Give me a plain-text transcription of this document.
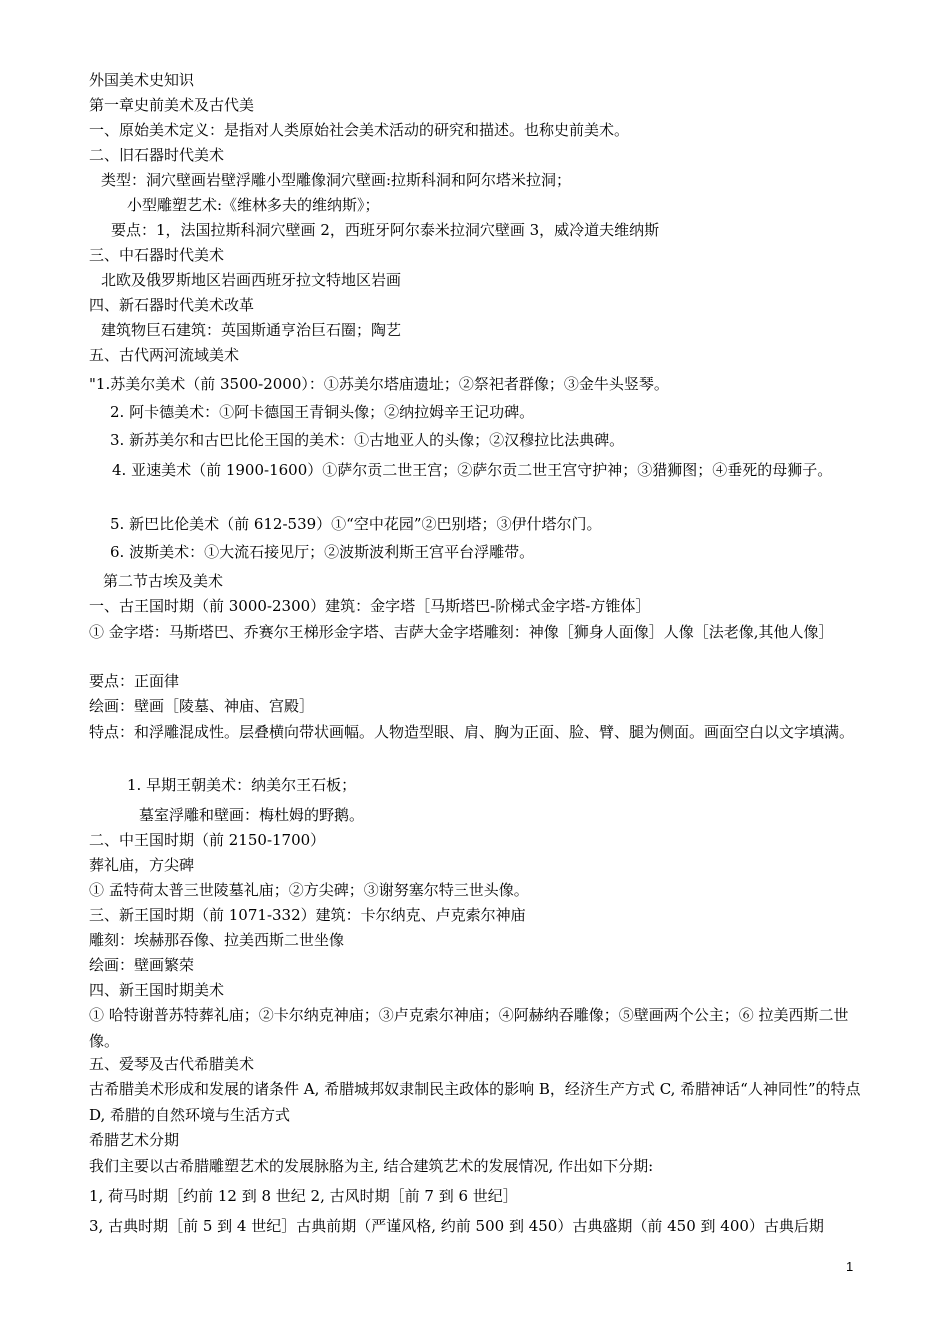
外国美术史知识
第一章史前美术及古代美
一、原始美术定义：是指对人类原始社会美术活动的研究和描述。也称史前美术。
二、旧石器时代美术
类型：洞穴壁画岩壁浮雕小型雕像洞穴壁画:拉斯科洞和阿尔塔米拉洞；
小型雕塑艺术:《维林多夫的维纳斯》；
要点：1，法国拉斯科洞穴壁画 2，西班牙阿尔泰米拉洞穴壁画 3，威冷道夫维纳斯
三、中石器时代美术
北欧及俄罗斯地区岩画西班牙拉文特地区岩画
四、新石器时代美术改革
建筑物巨石建筑：英国斯通亨治巨石圈；陶艺
五、古代两河流域美术
"1.苏美尔美术（前 3500-2000）：①苏美尔塔庙遗址；②祭祀者群像；③金牛头竖琴。
2. 阿卡德美术：①阿卡德国王青铜头像；②纳拉姆辛王记功碑。
3. 新苏美尔和古巴比伦王国的美术：①古地亚人的头像；②汉穆拉比法典碑。
4. 亚速美术（前 1900-1600）①萨尔贡二世王宫；②萨尔贡二世王宫守护神；③猎狮图；④垂死的母狮子。
5. 新巴比伦美术（前 612-539）①“空中花园”②巴别塔；③伊什塔尔门。
6. 波斯美术：①大流石接见厅；②波斯波利斯王宫平台浮雕带。
第二节古埃及美术
一、古王国时期（前 3000-2300）建筑：金字塔［马斯塔巴-阶梯式金字塔-方锥体］
① 金字塔：马斯塔巴、乔赛尔王梯形金字塔、吉萨大金字塔雕刻：神像［狮身人面像］人像［法老像,其他人像］
要点：正面律
绘画：壁画［陵墓、神庙、宫殿］
特点：和浮雕混成性。层叠横向带状画幅。人物造型眼、肩、胸为正面、脸、臂、腿为侧面。画面空白以文字填满。
1. 早期王朝美术：纳美尔王石板；
墓室浮雕和壁画：梅杜姆的野鹅。
二、中王国时期（前 2150-1700）
葬礼庙，方尖碑
① 孟特荷太普三世陵墓礼庙；②方尖碑；③谢努塞尔特三世头像。
三、新王国时期（前 1071-332）建筑：卡尔纳克、卢克索尔神庙
雕刻：埃赫那吞像、拉美西斯二世坐像
绘画：壁画繁荣
四、新王国时期美术
① 哈特谢普苏特葬礼庙；②卡尔纳克神庙；③卢克索尔神庙；④阿赫纳吞雕像；⑤壁画两个公主；⑥ 拉美西斯二世像。
五、爱琴及古代希腊美术
古希腊美术形成和发展的诸条件 A, 希腊城邦奴隶制民主政体的影响 B，经济生产方式 C, 希腊神话“人神同性”的特点 D, 希腊的自然环境与生活方式
希腊艺术分期
我们主要以古希腊雕塑艺术的发展脉胳为主, 结合建筑艺术的发展情况, 作出如下分期:
1, 荷马时期［约前 12 到 8 世纪 2, 古风时期［前 7 到 6 世纪］
3, 古典时期［前 5 到 4 世纪］古典前期（严谨风格, 约前 500 到 450）古典盛期（前 450 到 400）古典后期
1
